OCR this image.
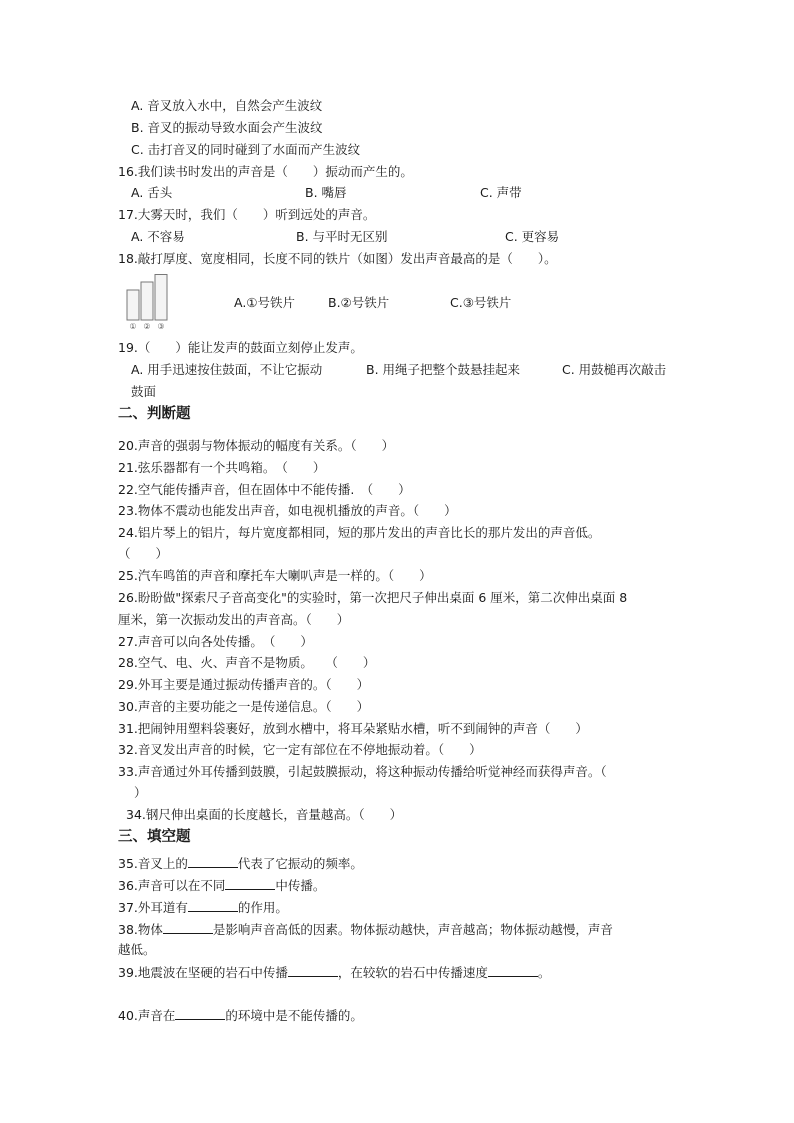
A. 音叉放入水中，自然会产生波纹
B. 音叉的振动导致水面会产生波纹
C. 击打音叉的同时碰到了水面而产生波纹
16.我们读书时发出的声音是（　　）振动而产生的。
A. 舌头	B. 嘴唇	C. 声带
17.大雾天时，我们（　　）听到远处的声音。
A. 不容易	B. 与平时无区别	C. 更容易
18.敲打厚度、宽度相同，长度不同的铁片（如图）发出声音最高的是（　　）。
① ② ③
A.①号铁片	B.②号铁片	C.③号铁片
19.（　　）能让发声的鼓面立刻停止发声。
A. 用手迅速按住鼓面，不让它振动	B. 用绳子把整个鼓悬挂起来	C. 用鼓槌再次敲击
鼓面
二、判断题
20.声音的强弱与物体振动的幅度有关系。（　　）
21.弦乐器都有一个共鸣箱。　（　　）
22.空气能传播声音，但在固体中不能传播.　（　　）
23.物体不震动也能发出声音，如电视机播放的声音。（　　）
24.铝片琴上的铝片，每片宽度都相同，短的那片发出的声音比长的那片发出的声音低。
（　　）
25.汽车鸣笛的声音和摩托车大喇叭声是一样的。（　　）
26.盼盼做"探索尺子音高变化"的实验时，第一次把尺子伸出桌面 6 厘米，第二次伸出桌面 8
厘米，第一次振动发出的声音高。（　　）
27.声音可以向各处传播。　（　　）
28.空气、电、火、声音不是物质。　　（　　）
29.外耳主要是通过振动传播声音的。（　　）
30.声音的主要功能之一是传递信息。（　　）
31.把闹钟用塑料袋裹好，放到水槽中，将耳朵紧贴水槽，听不到闹钟的声音（　　）
32.音叉发出声音的时候，它一定有部位在不停地振动着。（　　）
33.声音通过外耳传播到鼓膜，引起鼓膜振动，将这种振动传播给听觉神经而获得声音。（
）
34.钢尺伸出桌面的长度越长，音量越高。（　　）
三、填空题
35.音叉上的	代表了它振动的频率。
36.声音可以在不同	中传播。
37.外耳道有	的作用。
38.物体	是影响声音高低的因素。物体振动越快，声音越高；物体振动越慢，声音
越低。
39.地震波在坚硬的岩石中传播	，在较软的岩石中传播速度	。
40.声音在	的环境中是不能传播的。
